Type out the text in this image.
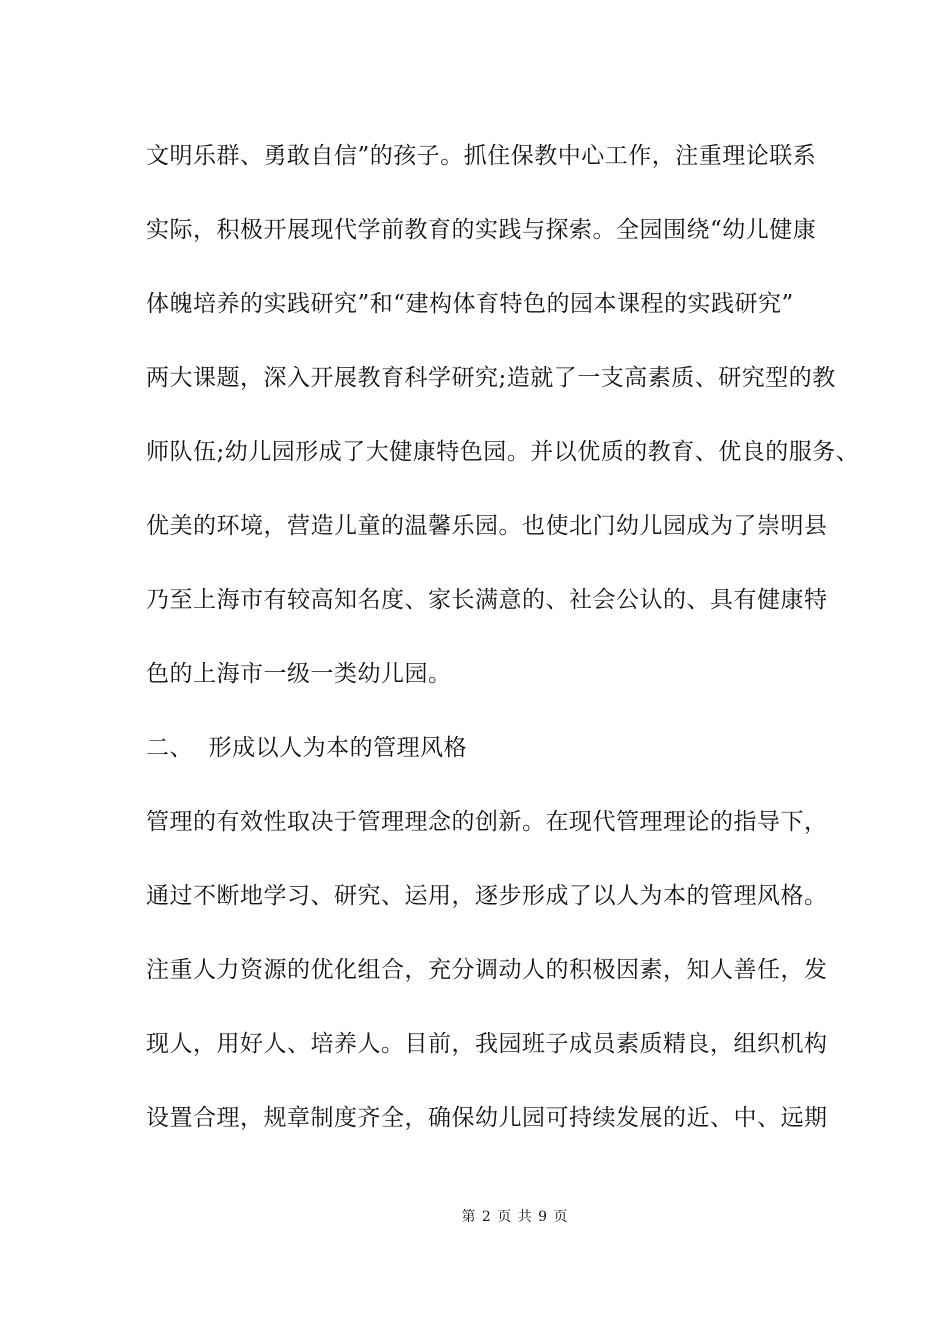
文明乐群、勇敢自信”的孩子。抓住保教中心工作，注重理论联系
实际，积极开展现代学前教育的实践与探索。全园围绕“幼儿健康
体魄培养的实践研究”和“建构体育特色的园本课程的实践研究”
两大课题，深入开展教育科学研究;造就了一支高素质、研究型的教
师队伍;幼儿园形成了大健康特色园。并以优质的教育、优良的服务、
优美的环境，营造儿童的温馨乐园。也使北门幼儿园成为了崇明县
乃至上海市有较高知名度、家长满意的、社会公认的、具有健康特
色的上海市一级一类幼儿园。
二、  形成以人为本的管理风格
管理的有效性取决于管理理念的创新。在现代管理理论的指导下，
通过不断地学习、研究、运用，逐步形成了以人为本的管理风格。
注重人力资源的优化组合，充分调动人的积极因素，知人善任，发
现人，用好人、培养人。目前，我园班子成员素质精良，组织机构
设置合理，规章制度齐全，确保幼儿园可持续发展的近、中、远期
第 2 页 共 9 页
